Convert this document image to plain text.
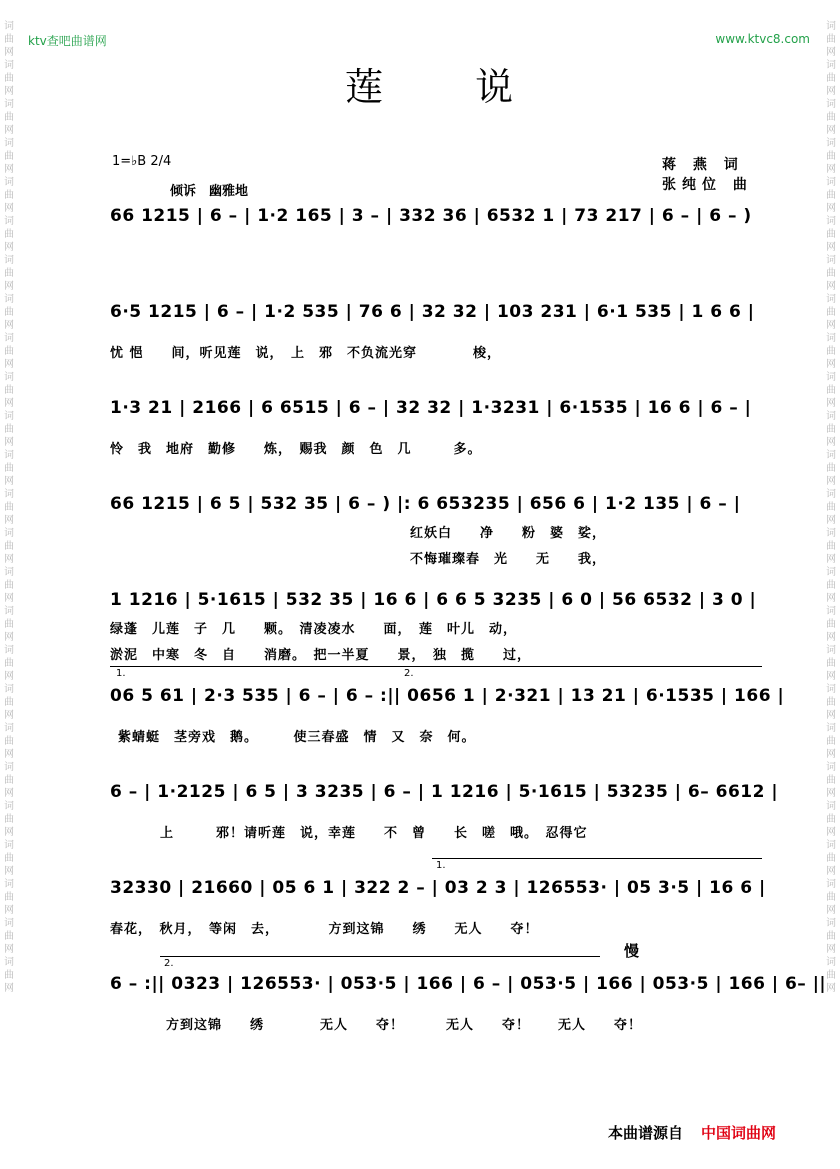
词曲网词曲网词曲网词曲网词曲网词曲网词曲网词曲网词曲网词曲网词曲网词曲网词曲网词曲网词曲网词曲网词曲网词曲网词曲网词曲网词曲网词曲网词曲网词曲网词曲网
词曲网词曲网词曲网词曲网词曲网词曲网词曲网词曲网词曲网词曲网词曲网词曲网词曲网词曲网词曲网词曲网词曲网词曲网词曲网词曲网词曲网词曲网词曲网词曲网词曲网
ktv查吧曲谱网	www.ktvc8.com
莲 说
1=♭B 2/4
倾诉　幽雅地
蒋 燕 词
张纯位 曲
66 1215 | 6 – | 1·2 165 | 3 – | 332 36 | 6532 1 | 73 217 | 6 – | 6 – )
6·5 1215 | 6 – | 1·2 535 | 76 6 | 32 32 | 103 231 | 6·1 535 | 1 6 6 |
忧 悒　　间，听见莲　说，　上　邪　不负流光穿　　　　梭，
1·3 21 | 2166 | 6 6515 | 6 – | 32 32 | 1·3231 | 6·1535 | 16 6 | 6 – |
怜　我　地府　勤修　　炼，　赐我　颜　色　几　　　多。
66 1215 | 6 5 | 532 35 | 6 – ) |: 6 653235 | 656 6 | 1·2 135 | 6 – |
红妖白　　净　　粉　婆　娑，
不悔璀璨春　光　　无　　我，
1 1216 | 5·1615 | 532 35 | 16 6 | 6 6 5 3235 | 6 0 | 56 6532 | 3 0 |
绿蓬　儿莲　子　几　　颗。　清凌凌水　　面，　莲　叶儿　动，
淤泥　中寒　冬　自　　消磨。　把一半夏　　景，　独　揽　　过，
1.	2.
06 5 61 | 2·3 535 | 6 – | 6 – :|| 0656 1 | 2·321 | 13 21 | 6·1535 | 166 |
紫蜻蜓　茎旁戏　鹅。　　　使三春盛　情　又　奈　何。
6 – | 1·2125 | 6 5 | 3 3235 | 6 – | 1 1216 | 5·1615 | 53235 | 6– 6612 |
上　　　邪！请听莲　说，幸莲　　不　曾　　长　嗟　哦。　忍得它
1.
32330 | 21660 | 05 6 1 | 322 2 – | 03 2 3 | 126553· | 05 3·5 | 16 6 |
春花，　秋月，　等闲　去，　　　　方到这锦　　绣　　无人　　夺！
2.
慢
6 – :|| 0323 | 126553· | 053·5 | 166 | 6 – | 053·5 | 166 | 053·5 | 166 | 6– ||
方到这锦　　绣　　　　无人　　夺！　　　无人　　夺！　　无人　　夺！
本曲谱源自 中国词曲网
